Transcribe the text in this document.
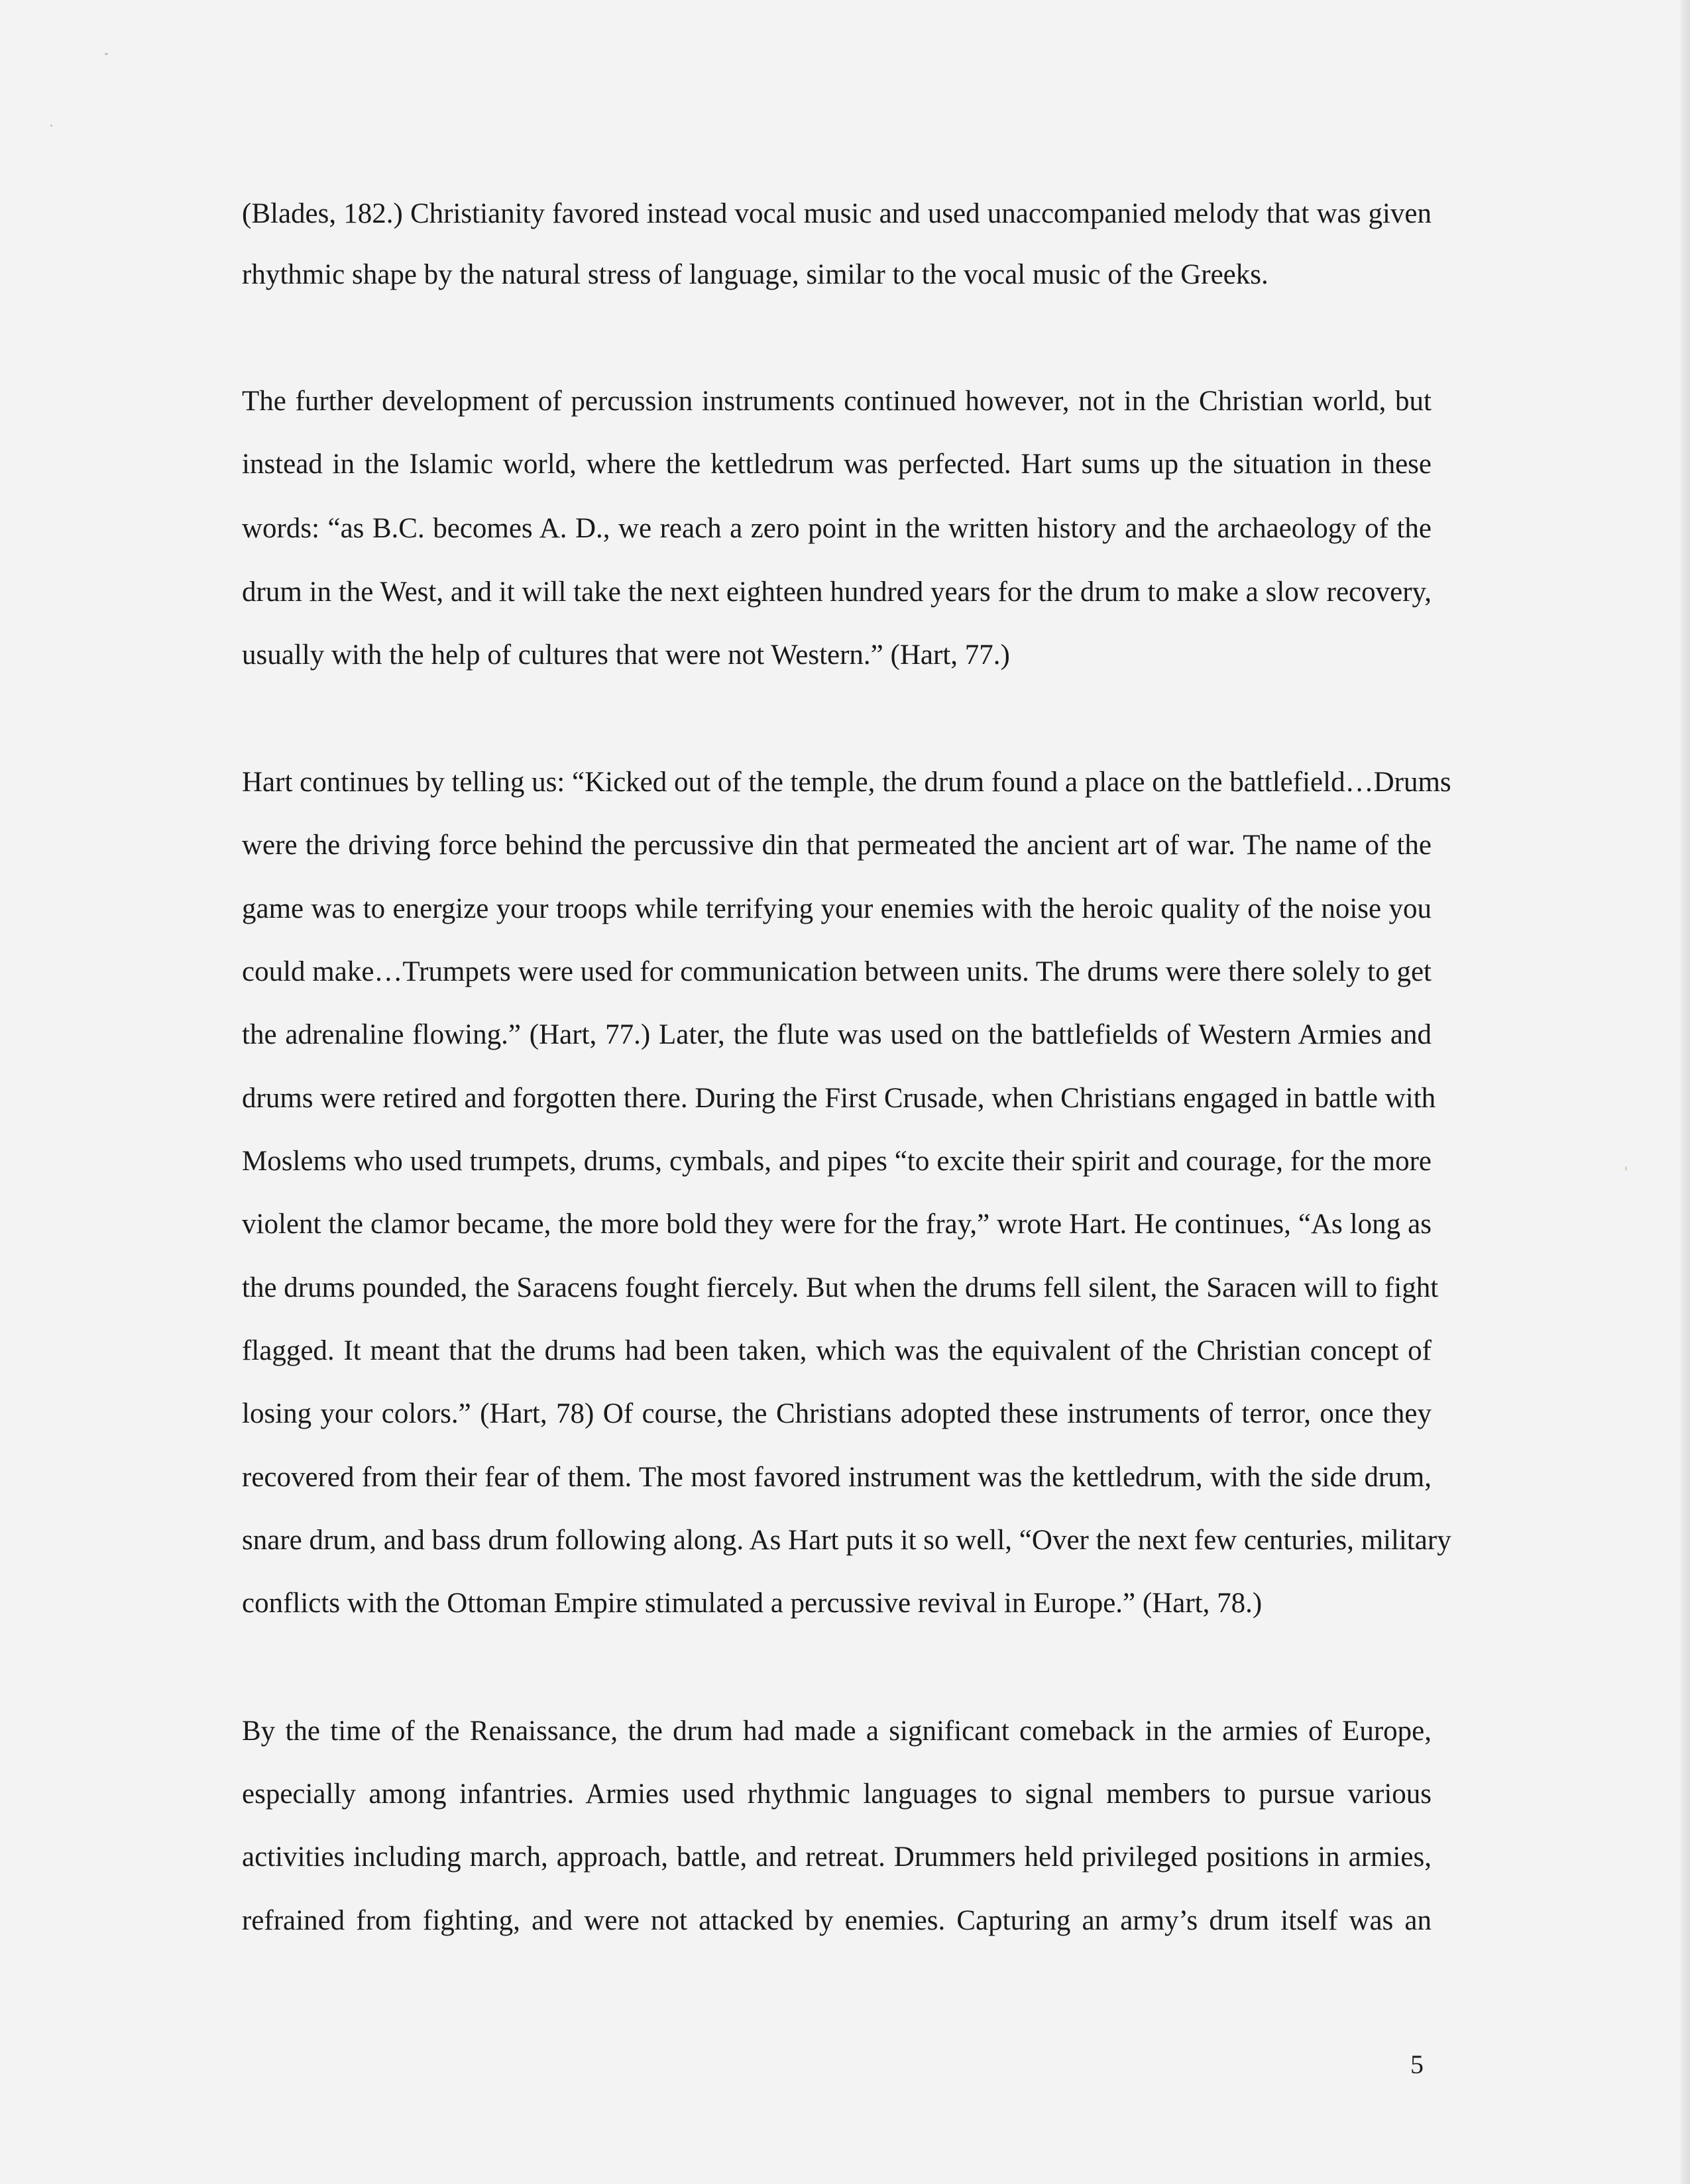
(Blades, 182.) Christianity favored instead vocal music and used unaccompanied melody that was given
rhythmic shape by the natural stress of language, similar to the vocal music of the Greeks.
The further development of percussion instruments continued however, not in the Christian world, but
instead in the Islamic world, where the kettledrum was perfected. Hart sums up the situation in these
words: “as B.C. becomes A. D., we reach a zero point in the written history and the archaeology of the
drum in the West, and it will take the next eighteen hundred years for the drum to make a slow recovery,
usually with the help of cultures that were not Western.” (Hart, 77.)
Hart continues by telling us: “Kicked out of the temple, the drum found a place on the battlefield…Drums
were the driving force behind the percussive din that permeated the ancient art of war. The name of the
game was to energize your troops while terrifying your enemies with the heroic quality of the noise you
could make…Trumpets were used for communication between units. The drums were there solely to get
the adrenaline flowing.” (Hart, 77.) Later, the flute was used on the battlefields of Western Armies and
drums were retired and forgotten there. During the First Crusade, when Christians engaged in battle with
Moslems who used trumpets, drums, cymbals, and pipes “to excite their spirit and courage, for the more
violent the clamor became, the more bold they were for the fray,” wrote Hart. He continues, “As long as
the drums pounded, the Saracens fought fiercely. But when the drums fell silent, the Saracen will to fight
flagged. It meant that the drums had been taken, which was the equivalent of the Christian concept of
losing your colors.” (Hart, 78) Of course, the Christians adopted these instruments of terror, once they
recovered from their fear of them. The most favored instrument was the kettledrum, with the side drum,
snare drum, and bass drum following along. As Hart puts it so well, “Over the next few centuries, military
conflicts with the Ottoman Empire stimulated a percussive revival in Europe.” (Hart, 78.)
By the time of the Renaissance, the drum had made a significant comeback in the armies of Europe,
especially among infantries. Armies used rhythmic languages to signal members to pursue various
activities including march, approach, battle, and retreat. Drummers held privileged positions in armies,
refrained from fighting, and were not attacked by enemies. Capturing an army’s drum itself was an
5
